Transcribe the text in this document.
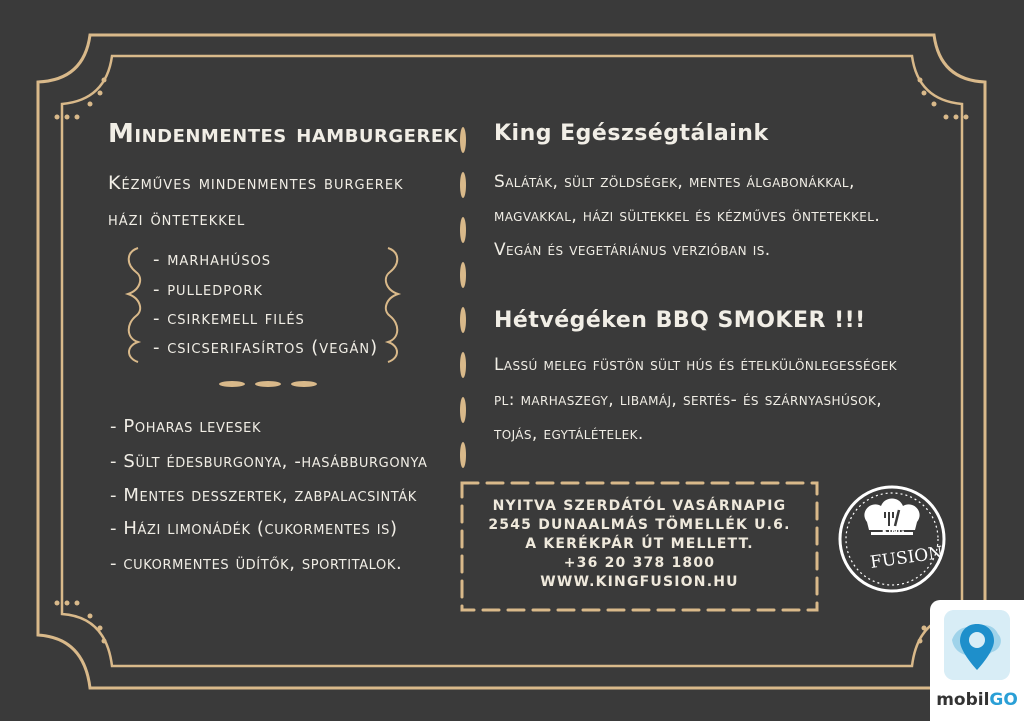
Mindenmentes hamburgerek

Kézműves mindenmentes burgerek

házi öntetekkel

- marhahúsos

- pulledpork

- csirkemell filés

- csicserifasírtos (vegán)

- Poharas levesek

- Sült édesburgonya, -hasábburgonya

- Mentes desszertek, zabpalacsinták

- Házi limonádék (cukormentes is)

- cukormentes üdítők, sportitalok.

King Egészségtálaink

Saláták, sült zöldségek, mentes álgabonákkal,

magvakkal, házi sültekkel és kézműves öntetekkel.

Vegán és vegetáriánus verzióban is.

Hétvégéken BBQ SMOKER !!!

Lassú meleg füstön sült hús és ételkülönlegességek

pl: marhaszegy, libamáj, sertés- és szárnyashúsok,

tojás, egytálételek.

NYITVA SZERDÁTÓL VASÁRNAPIG
2545 DUNAALMÁS TÖMELLÉK U.6.
A KERÉKPÁR ÚT MELLETT.
+36 20 378 1800
WWW.KINGFUSION.HU
KING
FUSION
mobilGO
